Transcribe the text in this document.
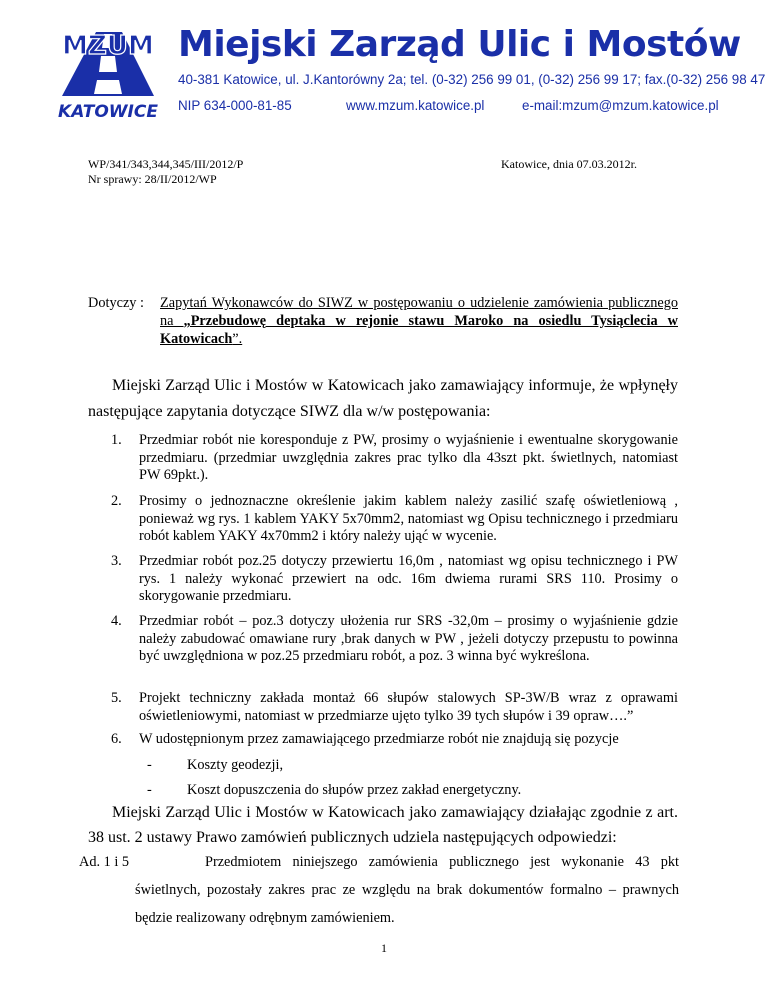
MZUM
KATOWICE
Miejski Zarząd Ulic i Mostów
40-381 Katowice, ul. J.Kantorówny 2a; tel. (0-32) 256 99 01, (0-32) 256 99 17; fax.(0-32) 256 98 47
NIP 634-000-81-85	www.mzum.katowice.pl	e-mail:mzum@mzum.katowice.pl
WP/341/343,344,345/III/2012/P
Nr sprawy: 28/II/2012/WP
Katowice, dnia 07.03.2012r.
Dotyczy : Zapytań Wykonawców do SIWZ w postępowaniu o udzielenie zamówienia publicznego na „Przebudowę deptaka w rejonie stawu Maroko na osiedlu Tysiąclecia w Katowicach”.
Miejski Zarząd Ulic i Mostów w Katowicach jako zamawiający informuje, że wpłynęły następujące zapytania dotyczące SIWZ dla w/w postępowania:
1. Przedmiar robót nie koresponduje z PW, prosimy o wyjaśnienie i ewentualne skorygowanie przedmiaru. (przedmiar uwzględnia zakres prac tylko dla 43szt pkt. świetlnych, natomiast PW 69pkt.).
2. Prosimy o jednoznaczne określenie jakim kablem należy zasilić szafę oświetleniową , ponieważ wg rys. 1 kablem YAKY 5x70mm2, natomiast wg Opisu technicznego i przedmiaru robót kablem YAKY 4x70mm2 i który należy ująć w wycenie.
3. Przedmiar robót poz.25 dotyczy przewiertu 16,0m , natomiast wg opisu technicznego i PW rys. 1 należy wykonać przewiert na odc. 16m dwiema rurami SRS 110. Prosimy o skorygowanie przedmiaru.
4. Przedmiar robót – poz.3 dotyczy ułożenia rur SRS -32,0m – prosimy o wyjaśnienie gdzie należy zabudować omawiane rury ,brak danych w PW , jeżeli dotyczy przepustu to powinna być uwzględniona w poz.25 przedmiaru robót, a poz. 3 winna być wykreślona.
5. Projekt techniczny zakłada montaż 66 słupów stalowych SP-3W/B wraz z oprawami oświetleniowymi, natomiast w przedmiarze ujęto tylko 39 tych słupów i 39 opraw….”
6. W udostępnionym przez zamawiającego przedmiarze robót nie znajdują się pozycje
- Koszty geodezji,
- Koszt dopuszczenia do słupów przez zakład energetyczny.
Miejski Zarząd Ulic i Mostów w Katowicach jako zamawiający działając zgodnie z art. 38 ust. 2 ustawy Prawo zamówień publicznych udziela następujących odpowiedzi:
Ad. 1 i 5	Przedmiotem niniejszego zamówienia publicznego jest wykonanie 43 pkt świetlnych, pozostały zakres prac ze względu na brak dokumentów formalno – prawnych będzie realizowany odrębnym zamówieniem.
1
